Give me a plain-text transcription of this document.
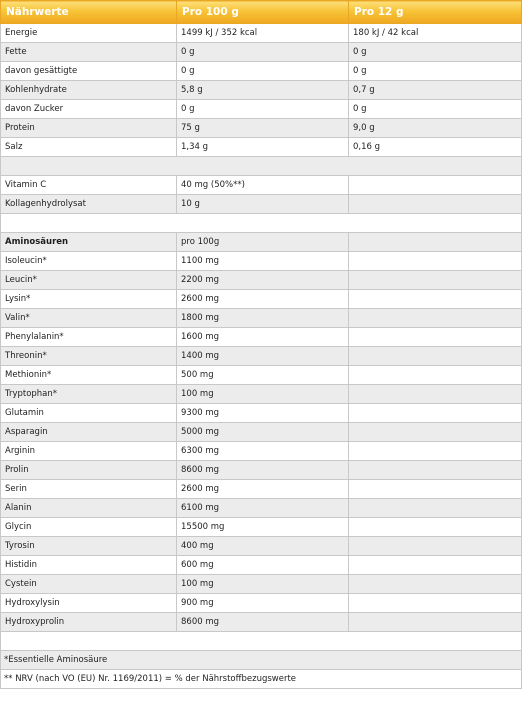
Nährwerte	Pro 100 g	Pro 12 g
Energie	1499 kJ / 352 kcal	180 kJ / 42 kcal
Fette	0 g	0 g
davon gesättigte	0 g	0 g
Kohlenhydrate	5,8 g	0,7 g
davon Zucker	0 g	0 g
Protein	75 g	9,0 g
Salz	1,34 g	0,16 g

Vitamin C	40 mg (50%**)	
Kollagenhydrolysat	10 g	

Aminosäuren	pro 100g	
Isoleucin*	1100 mg	
Leucin*	2200 mg	
Lysin*	2600 mg	
Valin*	1800 mg	
Phenylalanin*	1600 mg	
Threonin*	1400 mg	
Methionin*	500 mg	
Tryptophan*	100 mg	
Glutamin	9300 mg	
Asparagin	5000 mg	
Arginin	6300 mg	
Prolin	8600 mg	
Serin	2600 mg	
Alanin	6100 mg	
Glycin	15500 mg	
Tyrosin	400 mg	
Histidin	600 mg	
Cystein	100 mg	
Hydroxylysin	900 mg	
Hydroxyprolin	8600 mg	

*Essentielle Aminosäure		
** NRV (nach VO (EU) Nr. 1169/2011) = % der Nährstoffbezugswerte		
